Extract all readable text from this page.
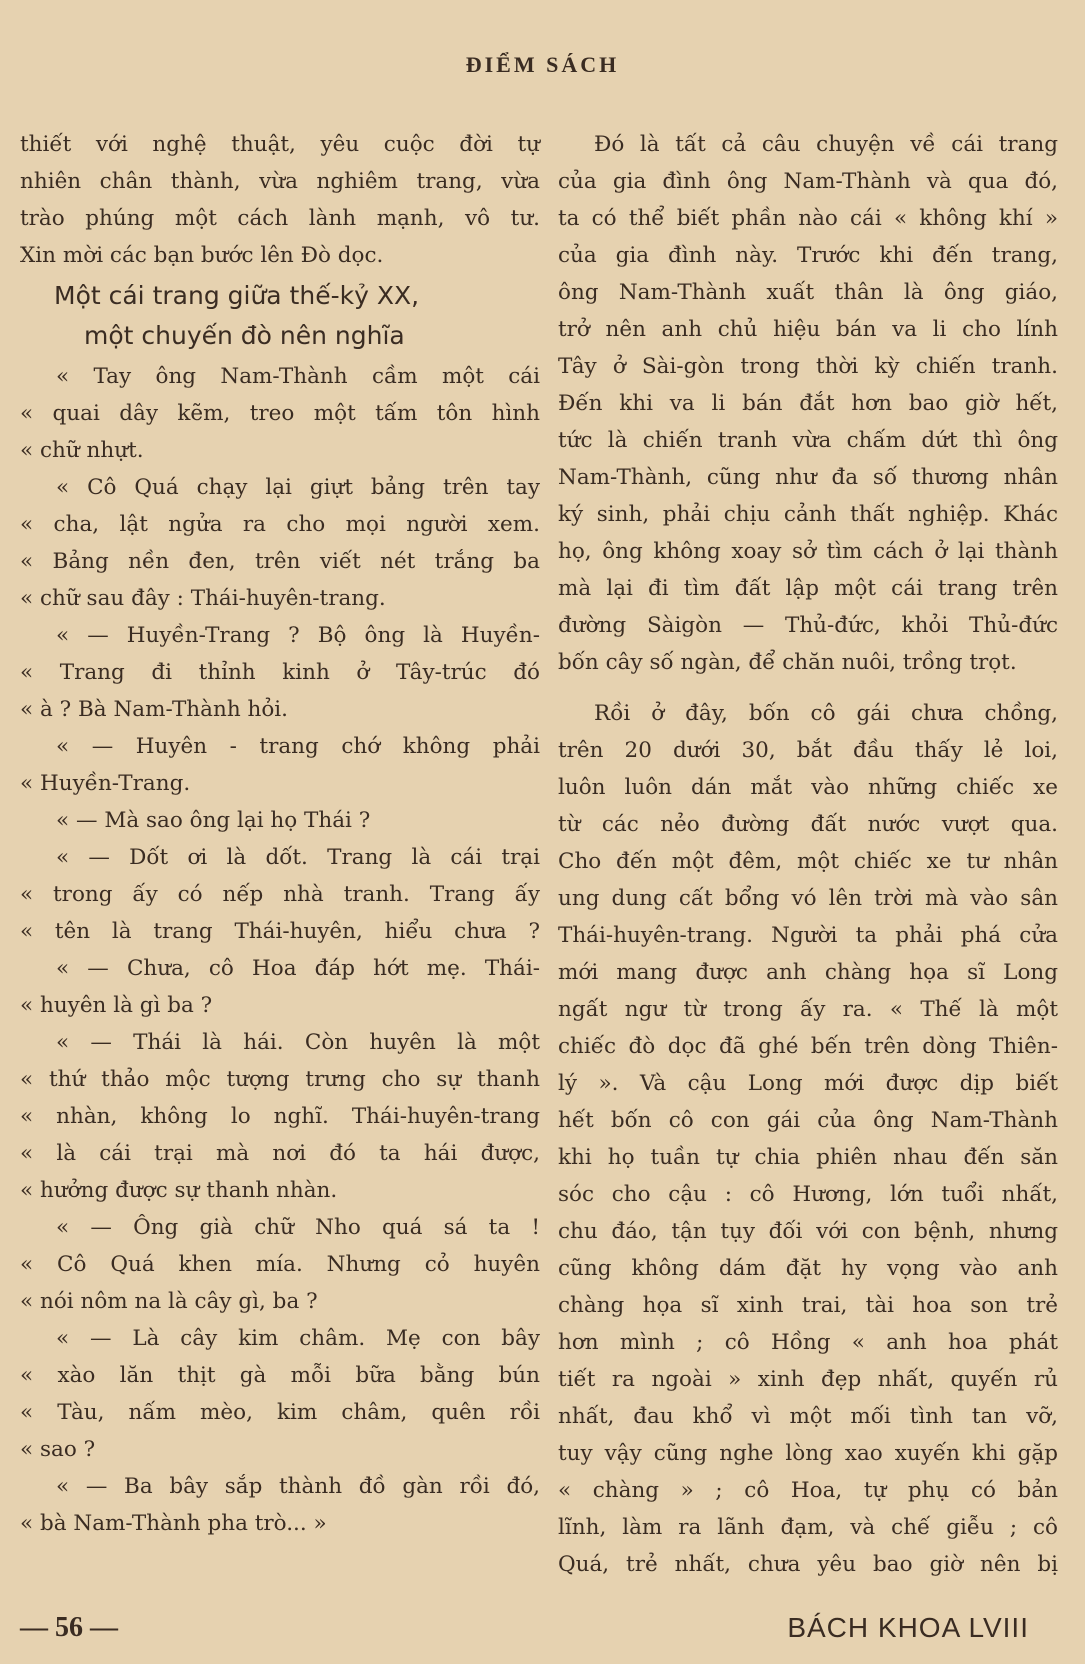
ĐIỂM SÁCH
thiết với nghệ thuật, yêu cuộc đời tự
nhiên chân thành, vừa nghiêm trang, vừa
trào phúng một cách lành mạnh, vô tư.
Xin mời các bạn bước lên Đò dọc.
Một cái trang giữa thế-kỷ XX,
một chuyến đò nên nghĩa
« Tay ông Nam-Thành cầm một cái
« quai dây kẽm, treo một tấm tôn hình
« chữ nhựt.
« Cô Quá chạy lại giựt bảng trên tay
« cha, lật ngửa ra cho mọi người xem.
« Bảng nền đen, trên viết nét trắng ba
« chữ sau đây : Thái-huyên-trang.
« — Huyền-Trang ? Bộ ông là Huyền-
« Trang đi thỉnh kinh ở Tây-trúc đó
« à ? Bà Nam-Thành hỏi.
« — Huyên - trang chớ không phải
« Huyền-Trang.
« — Mà sao ông lại họ Thái ?
« — Dốt ơi là dốt. Trang là cái trại
« trong ấy có nếp nhà tranh. Trang ấy
« tên là trang Thái-huyên, hiểu chưa ?
« — Chưa, cô Hoa đáp hớt mẹ. Thái-
« huyên là gì ba ?
« — Thái là hái. Còn huyên là một
« thứ thảo mộc tượng trưng cho sự thanh
« nhàn, không lo nghĩ. Thái-huyên-trang
« là cái trại mà nơi đó ta hái được,
« hưởng được sự thanh nhàn.
« — Ông già chữ Nho quá sá ta !
« Cô Quá khen mía. Nhưng cỏ huyên
« nói nôm na là cây gì, ba ?
« — Là cây kim châm. Mẹ con bây
« xào lăn thịt gà mỗi bữa bằng bún
« Tàu, nấm mèo, kim châm, quên rồi
« sao ?
« — Ba bây sắp thành đồ gàn rồi đó,
« bà Nam-Thành pha trò... »
Đó là tất cả câu chuyện về cái trang
của gia đình ông Nam-Thành và qua đó,
ta có thể biết phần nào cái « không khí »
của gia đình này. Trước khi đến trang,
ông Nam-Thành xuất thân là ông giáo,
trở nên anh chủ hiệu bán va li cho lính
Tây ở Sài-gòn trong thời kỳ chiến tranh.
Đến khi va li bán đắt hơn bao giờ hết,
tức là chiến tranh vừa chấm dứt thì ông
Nam-Thành, cũng như đa số thương nhân
ký sinh, phải chịu cảnh thất nghiệp. Khác
họ, ông không xoay sở tìm cách ở lại thành
mà lại đi tìm đất lập một cái trang trên
đường Sàigòn — Thủ-đức, khỏi Thủ-đức
bốn cây số ngàn, để chăn nuôi, trồng trọt.
Rồi ở đây, bốn cô gái chưa chồng,
trên 20 dưới 30, bắt đầu thấy lẻ loi,
luôn luôn dán mắt vào những chiếc xe
từ các nẻo đường đất nước vượt qua.
Cho đến một đêm, một chiếc xe tư nhân
ung dung cất bổng vó lên trời mà vào sân
Thái-huyên-trang. Người ta phải phá cửa
mới mang được anh chàng họa sĩ Long
ngất ngư từ trong ấy ra. « Thế là một
chiếc đò dọc đã ghé bến trên dòng Thiên-
lý ». Và cậu Long mới được dịp biết
hết bốn cô con gái của ông Nam-Thành
khi họ tuần tự chia phiên nhau đến săn
sóc cho cậu : cô Hương, lớn tuổi nhất,
chu đáo, tận tụy đối với con bệnh, nhưng
cũng không dám đặt hy vọng vào anh
chàng họa sĩ xinh trai, tài hoa son trẻ
hơn mình ; cô Hồng « anh hoa phát
tiết ra ngoài » xinh đẹp nhất, quyến rủ
nhất, đau khổ vì một mối tình tan vỡ,
tuy vậy cũng nghe lòng xao xuyến khi gặp
« chàng » ; cô Hoa, tự phụ có bản
lĩnh, làm ra lãnh đạm, và chế giễu ; cô
Quá, trẻ nhất, chưa yêu bao giờ nên bị
— 56 —	BÁCH KHOA LVIII
